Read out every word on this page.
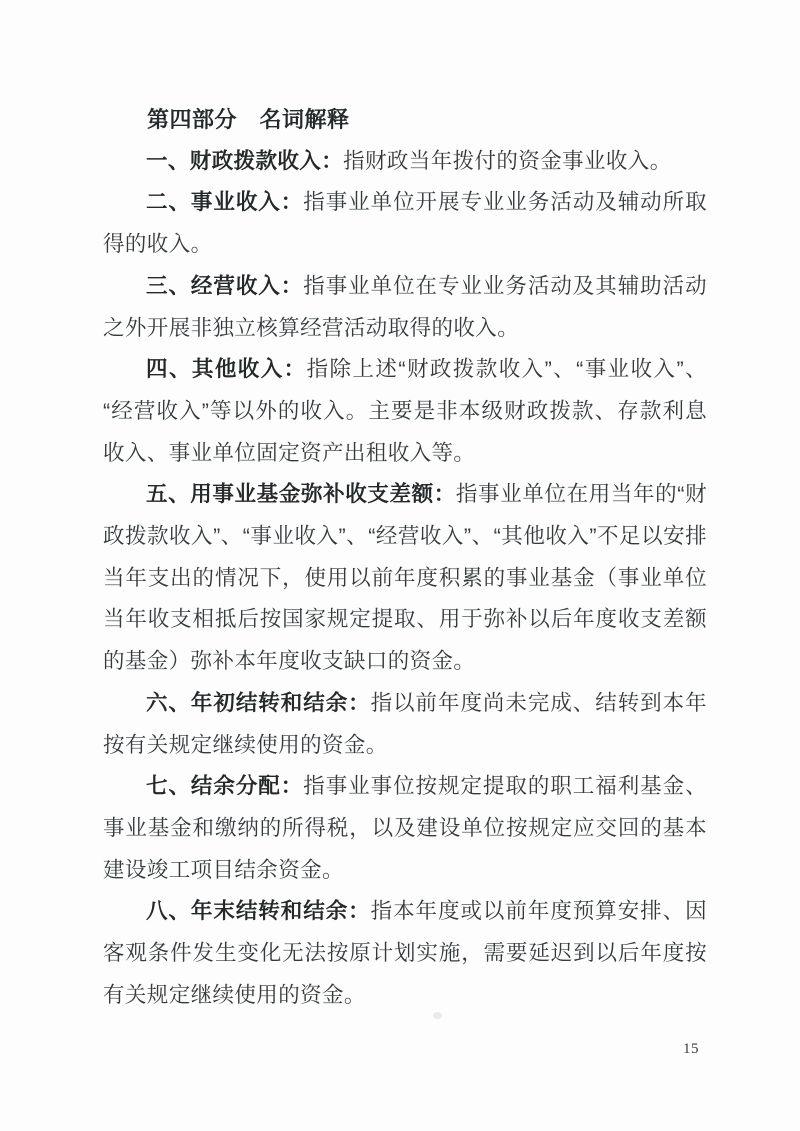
第四部分　名词解释

一、财政拨款收入：指财政当年拨付的资金事业收入。

二、事业收入：指事业单位开展专业业务活动及辅动所取得的收入。

三、经营收入：指事业单位在专业业务活动及其辅助活动之外开展非独立核算经营活动取得的收入。

四、其他收入：指除上述“财政拨款收入”、“事业收入”、“经营收入”等以外的收入。主要是非本级财政拨款、存款利息收入、事业单位固定资产出租收入等。

五、用事业基金弥补收支差额：指事业单位在用当年的“财政拨款收入”、“事业收入”、“经营收入”、“其他收入”不足以安排当年支出的情况下，使用以前年度积累的事业基金（事业单位当年收支相抵后按国家规定提取、用于弥补以后年度收支差额的基金）弥补本年度收支缺口的资金。

六、年初结转和结余：指以前年度尚未完成、结转到本年按有关规定继续使用的资金。

七、结余分配：指事业事位按规定提取的职工福利基金、事业基金和缴纳的所得税，以及建设单位按规定应交回的基本建设竣工项目结余资金。

八、年末结转和结余：指本年度或以前年度预算安排、因客观条件发生变化无法按原计划实施，需要延迟到以后年度按有关规定继续使用的资金。

15
